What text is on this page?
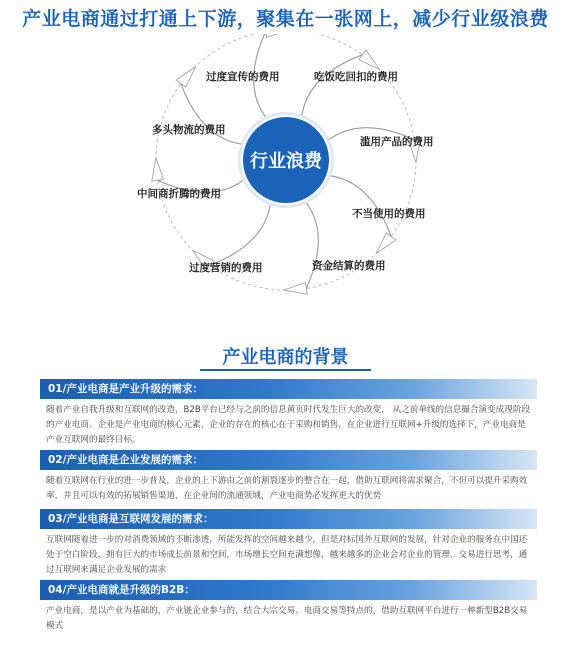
产业电商通过打通上下游，聚集在一张网上，减少行业级浪费
行业浪费
过度宣传的费用	吃饭吃回扣的费用
滥用产品的费用
不当使用的费用
资金结算的费用
过度营销的费用
中间商折腾的费用
多头物流的费用
产业电商的背景
01/产业电商是产业升级的需求：
随着产业自我升级和互联网的改造，B2B平台已经与之前的信息黄页时代发生巨大的改变， 从之前单线的信息撮合演变成现阶段的产业电商。企业是产业电商的核心元素，企业的存在的核心在于采购和销售，在企业进行互联网+升级的选择下，产业电商是产业互联网的最终目标。
02/产业电商是企业发展的需求：
随着互联网在行业的进一步普及，企业的上下游由之前的割裂逐步的整合在一起，借助互联网将需求聚合，不但可以提升采购效率，并且可以有效的拓展销售渠道，在企业间的流通领域，产业电商势必发挥更大的优势
03/产业电商是互联网发展的需求：
互联网随着进一步的对消费领域的不断渗透，所能发挥的空间越来越少，但是对标国外互联网的发展，针对企业的服务在中国还处于空白阶段，拥有巨大的市场成长前景和空间，市场增长空间充满想像，越来越多的企业会对企业的管理、交易进行思考，通过互联网来满足企业发展的需求
04/产业电商就是升级的B2B：
产业电商，是以产业为基础的，产业链企业参与的，结合大宗交易、电商交易等特点的，借助互联网平台进行一种新型B2B交易模式
